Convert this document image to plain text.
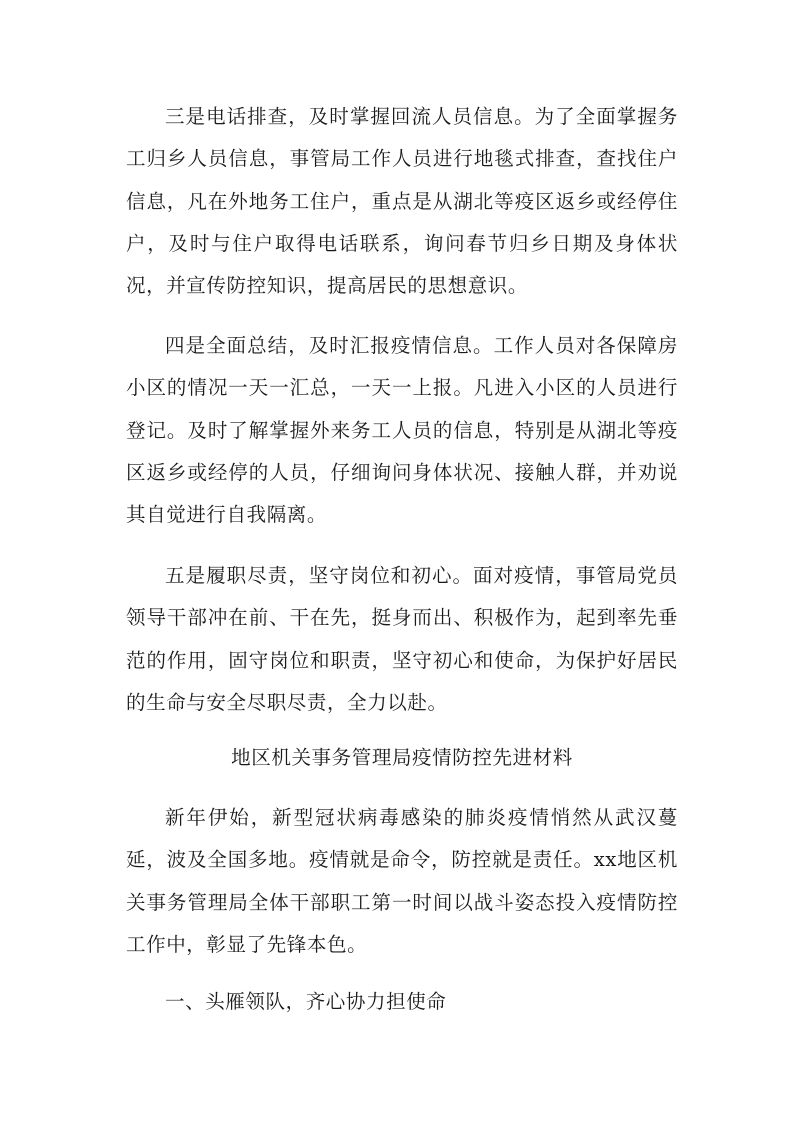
三是电话排查，及时掌握回流人员信息。为了全面掌握务工归乡人员信息，事管局工作人员进行地毯式排查，查找住户信息，凡在外地务工住户，重点是从湖北等疫区返乡或经停住户，及时与住户取得电话联系，询问春节归乡日期及身体状况，并宣传防控知识，提高居民的思想意识。

四是全面总结，及时汇报疫情信息。工作人员对各保障房小区的情况一天一汇总，一天一上报。凡进入小区的人员进行登记。及时了解掌握外来务工人员的信息，特别是从湖北等疫区返乡或经停的人员，仔细询问身体状况、接触人群，并劝说其自觉进行自我隔离。

五是履职尽责，坚守岗位和初心。面对疫情，事管局党员领导干部冲在前、干在先，挺身而出、积极作为，起到率先垂范的作用，固守岗位和职责，坚守初心和使命，为保护好居民的生命与安全尽职尽责，全力以赴。

地区机关事务管理局疫情防控先进材料

新年伊始，新型冠状病毒感染的肺炎疫情悄然从武汉蔓延，波及全国多地。疫情就是命令，防控就是责任。xx地区机关事务管理局全体干部职工第一时间以战斗姿态投入疫情防控工作中，彰显了先锋本色。

一、头雁领队，齐心协力担使命
